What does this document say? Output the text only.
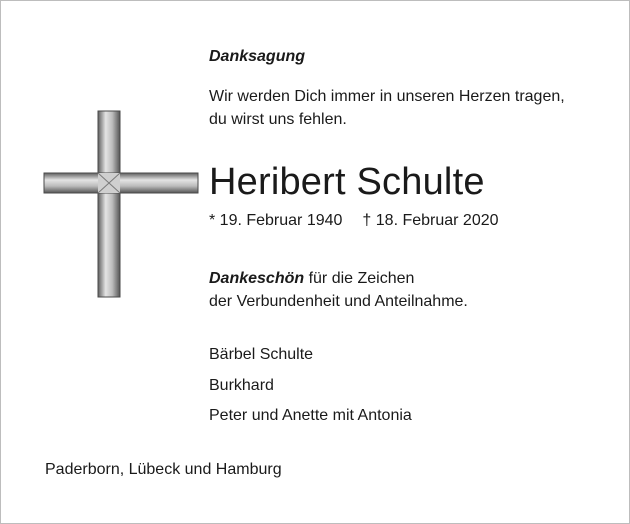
Danksagung
Wir werden Dich immer in unseren Herzen tragen,
du wirst uns fehlen.
Heribert Schulte
* 19. Februar 1940 † 18. Februar 2020
Dankeschön für die Zeichen
der Verbundenheit und Anteilnahme.
Bärbel Schulte
Burkhard
Peter und Anette mit Antonia
Paderborn, Lübeck und Hamburg
